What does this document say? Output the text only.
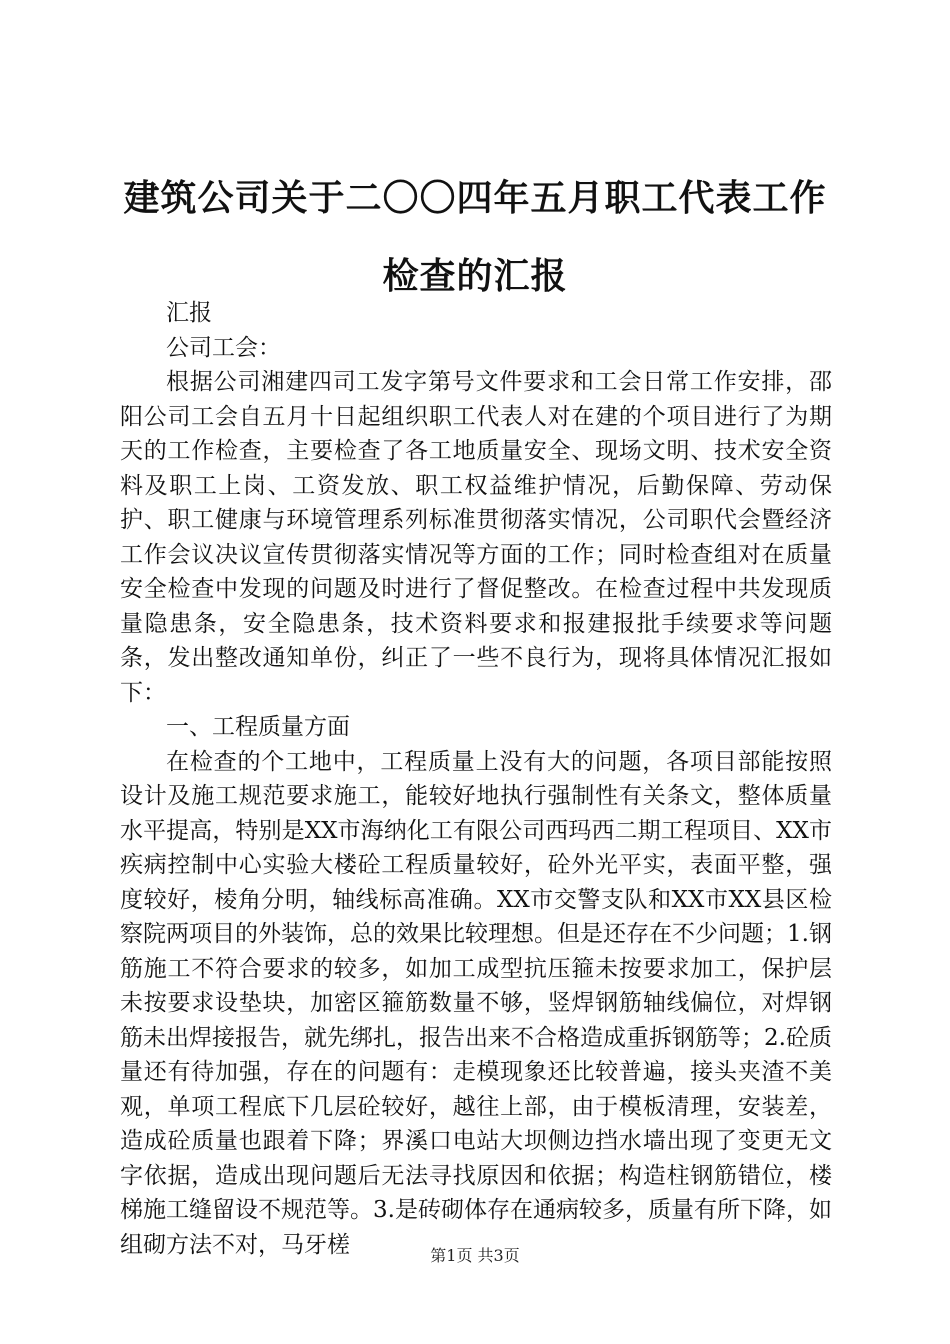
建筑公司关于二〇〇四年五月职工代表工作检查的汇报

汇报

公司工会：

根据公司湘建四司工发字第号文件要求和工会日常工作安排，邵阳公司工会自五月十日起组织职工代表人对在建的个项目进行了为期天的工作检查，主要检查了各工地质量安全、现场文明、技术安全资料及职工上岗、工资发放、职工权益维护情况，后勤保障、劳动保护、职工健康与环境管理系列标准贯彻落实情况，公司职代会暨经济工作会议决议宣传贯彻落实情况等方面的工作；同时检查组对在质量安全检查中发现的问题及时进行了督促整改。在检查过程中共发现质量隐患条，安全隐患条，技术资料要求和报建报批手续要求等问题条，发出整改通知单份，纠正了一些不良行为，现将具体情况汇报如下：

一、工程质量方面

在检查的个工地中，工程质量上没有大的问题，各项目部能按照设计及施工规范要求施工，能较好地执行强制性有关条文，整体质量水平提高，特别是XX市海纳化工有限公司西玛西二期工程项目、XX市疾病控制中心实验大楼砼工程质量较好，砼外光平实，表面平整，强度较好，棱角分明，轴线标高准确。XX市交警支队和XX市XX县区检察院两项目的外装饰，总的效果比较理想。但是还存在不少问题；1.钢筋施工不符合要求的较多，如加工成型抗压箍未按要求加工，保护层未按要求设垫块，加密区箍筋数量不够，竖焊钢筋轴线偏位，对焊钢筋未出焊接报告，就先绑扎，报告出来不合格造成重拆钢筋等；2.砼质量还有待加强，存在的问题有：走模现象还比较普遍，接头夹渣不美观，单项工程底下几层砼较好，越往上部，由于模板清理，安装差，造成砼质量也跟着下降；界溪口电站大坝侧边挡水墙出现了变更无文字依据，造成出现问题后无法寻找原因和依据；构造柱钢筋错位，楼梯施工缝留设不规范等。3.是砖砌体存在通病较多，质量有所下降，如组砌方法不对，马牙槎	第1页 共3页
